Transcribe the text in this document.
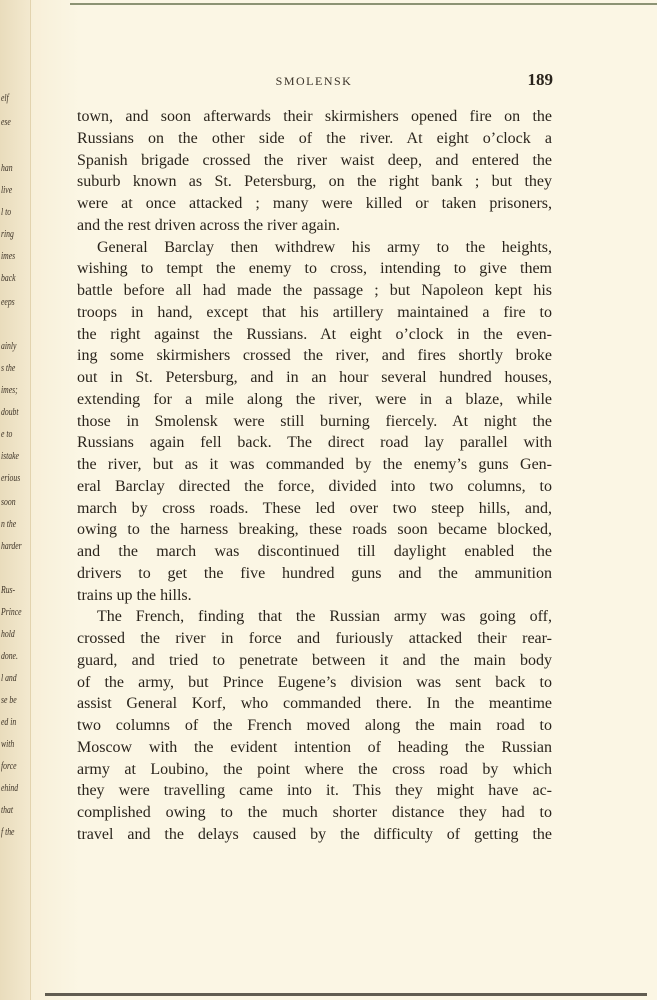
elf
ese
han
live
l to
ring
imes
back
eeps
ainly
s the
imes;
doubt
e to
istake
erious
soon
n the
harder
Rus-
Prince
hold
done.
l and
se be
ed in
with
force
ehind
that
f the
SMOLENSK	189
town, and soon afterwards their skirmishers opened fire on the
Russians on the other side of the river. At eight o’clock a
Spanish brigade crossed the river waist deep, and entered the
suburb known as St. Petersburg, on the right bank ; but they
were at once attacked ; many were killed or taken prisoners,
and the rest driven across the river again.
General Barclay then withdrew his army to the heights,
wishing to tempt the enemy to cross, intending to give them
battle before all had made the passage ; but Napoleon kept his
troops in hand, except that his artillery maintained a fire to
the right against the Russians. At eight o’clock in the even-
ing some skirmishers crossed the river, and fires shortly broke
out in St. Petersburg, and in an hour several hundred houses,
extending for a mile along the river, were in a blaze, while
those in Smolensk were still burning fiercely. At night the
Russians again fell back. The direct road lay parallel with
the river, but as it was commanded by the enemy’s guns Gen-
eral Barclay directed the force, divided into two columns, to
march by cross roads. These led over two steep hills, and,
owing to the harness breaking, these roads soon became blocked,
and the march was discontinued till daylight enabled the
drivers to get the five hundred guns and the ammunition
trains up the hills.
The French, finding that the Russian army was going off,
crossed the river in force and furiously attacked their rear-
guard, and tried to penetrate between it and the main body
of the army, but Prince Eugene’s division was sent back to
assist General Korf, who commanded there. In the meantime
two columns of the French moved along the main road to
Moscow with the evident intention of heading the Russian
army at Loubino, the point where the cross road by which
they were travelling came into it. This they might have ac-
complished owing to the much shorter distance they had to
travel and the delays caused by the difficulty of getting the
